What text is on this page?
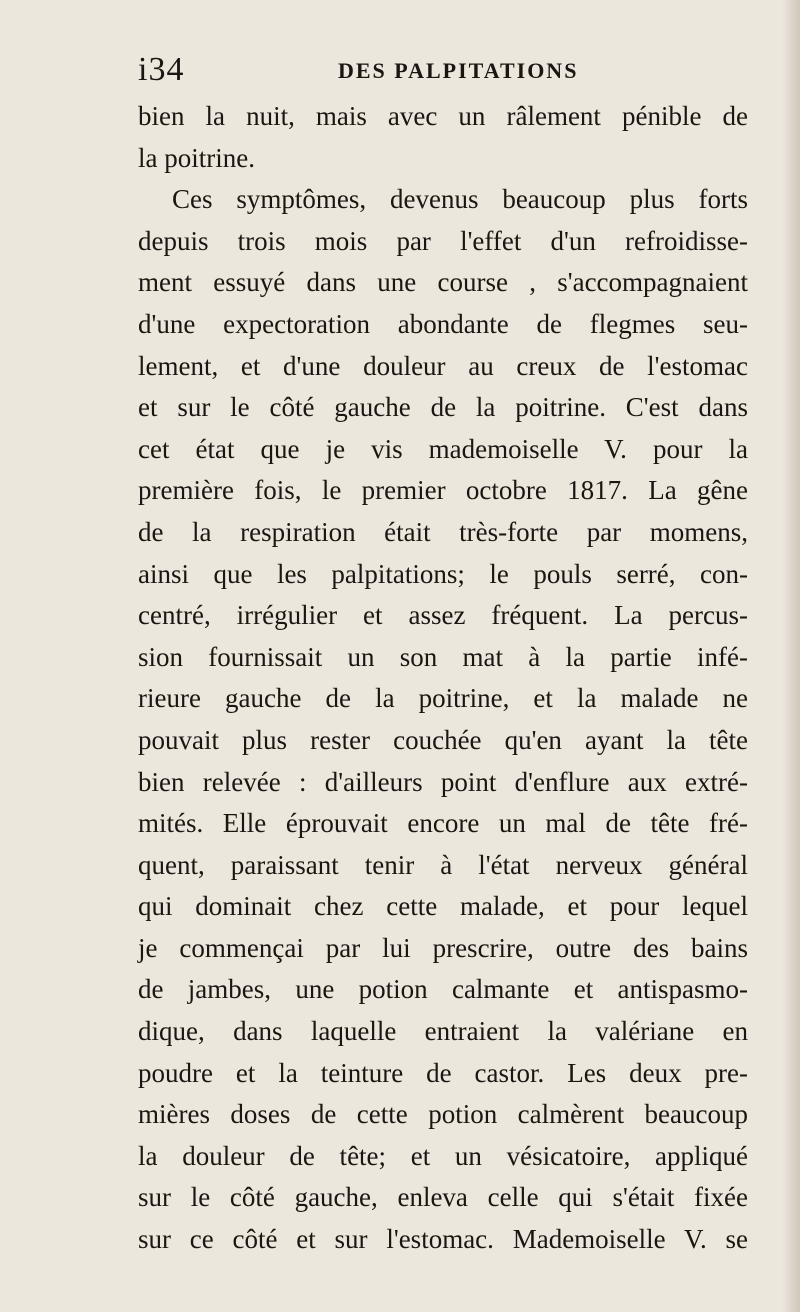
i34	DES PALPITATIONS
bien la nuit, mais avec un râlement pénible de
la poitrine.
Ces symptômes, devenus beaucoup plus forts
depuis trois mois par l'effet d'un refroidisse-
ment essuyé dans une course , s'accompagnaient
d'une expectoration abondante de flegmes seu-
lement, et d'une douleur au creux de l'estomac
et sur le côté gauche de la poitrine. C'est dans
cet état que je vis mademoiselle V. pour la
première fois, le premier octobre 1817. La gêne
de la respiration était très-forte par momens,
ainsi que les palpitations; le pouls serré, con-
centré, irrégulier et assez fréquent. La percus-
sion fournissait un son mat à la partie infé-
rieure gauche de la poitrine, et la malade ne
pouvait plus rester couchée qu'en ayant la tête
bien relevée : d'ailleurs point d'enflure aux extré-
mités. Elle éprouvait encore un mal de tête fré-
quent, paraissant tenir à l'état nerveux général
qui dominait chez cette malade, et pour lequel
je commençai par lui prescrire, outre des bains
de jambes, une potion calmante et antispasmo-
dique, dans laquelle entraient la valériane en
poudre et la teinture de castor. Les deux pre-
mières doses de cette potion calmèrent beaucoup
la douleur de tête; et un vésicatoire, appliqué
sur le côté gauche, enleva celle qui s'était fixée
sur ce côté et sur l'estomac. Mademoiselle V. se
